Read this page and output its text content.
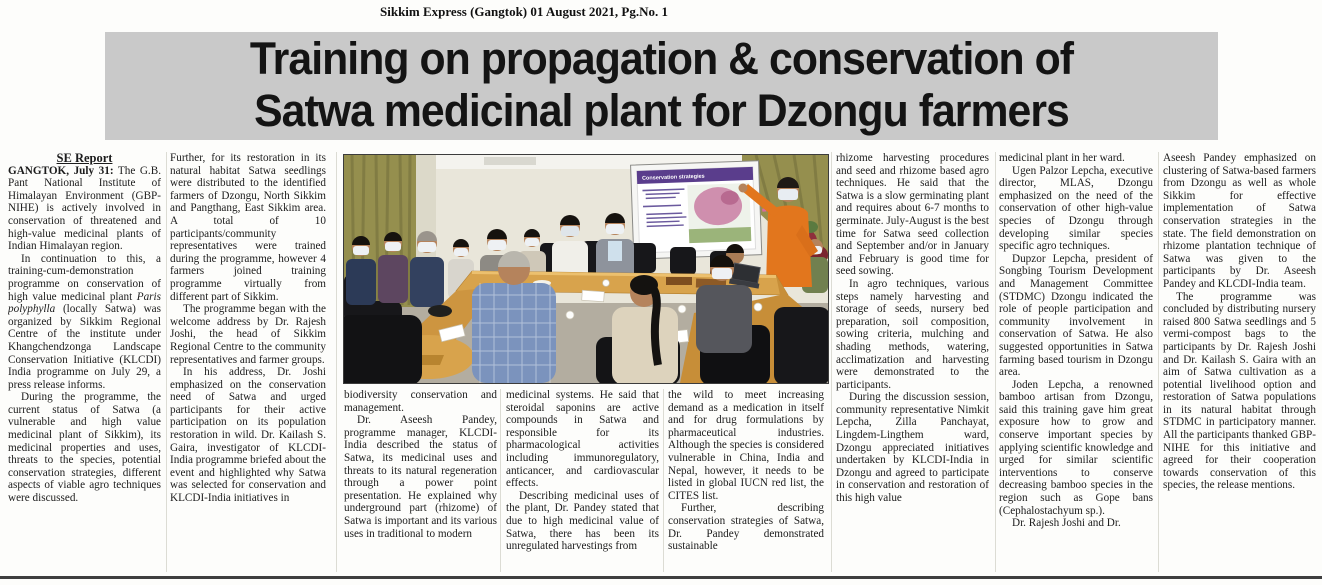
Sikkim Express (Gangtok) 01 August 2021, Pg.No. 1
Training on propagation & conservation of
Satwa medicinal plant for Dzongu farmers

SE Report

GANGTOK, July 31: The G.B. Pant National Institute of Himalayan Environment (GBP-NIHE) is actively involved in conservation of threatened and high-value medicinal plants of Indian Himalayan region.

In continuation to this, a training-cum-demonstration programme on conservation of high value medicinal plant Paris polyphylla (locally Satwa) was organized by Sikkim Regional Centre of the institute under Khangchendzonga Landscape Conservation Initiative (KLCDI) India programme on July 29, a press release informs.

During the programme, the current status of Satwa (a vulnerable and high value medicinal plant of Sikkim), its medicinal properties and uses, threats to the species, potential conservation strategies, different aspects of viable agro techniques were discussed.

Further, for its restoration in its natural habitat Satwa seedlings were distributed to the identified farmers of Dzongu, North Sikkim and Pangthang, East Sikkim area. A total of 10 participants/community representatives were trained during the programme, however 4 farmers joined training programme virtually from different part of Sikkim.

The programme began with the welcome address by Dr. Rajesh Joshi, the head of Sikkim Regional Centre to the community representatives and farmer groups.

In his address, Dr. Joshi emphasized on the conservation need of Satwa and urged participants for their active participation on its population restoration in wild. Dr. Kailash S. Gaira, investigator of KLCDI-India programme briefed about the event and highlighted why Satwa was selected for conservation and KLCDI-India initiatives in

Conservation strategies

biodiversity conservation and management.

Dr. Aseesh Pandey, programme manager, KLCDI-India described the status of Satwa, its medicinal uses and threats to its natural regeneration through a power point presentation. He explained why underground part (rhizome) of Satwa is important and its various uses in traditional to modern

medicinal systems. He said that steroidal saponins are active compounds in Satwa and responsible for its pharmacological activities including immunoregulatory, anticancer, and cardiovascular effects.

Describing medicinal uses of the plant, Dr. Pandey stated that due to high medicinal value of Satwa, there has been its unregulated harvestings from

the wild to meet increasing demand as a medication in itself and for drug formulations by pharmaceutical industries. Although the species is considered vulnerable in China, India and Nepal, however, it needs to be listed in global IUCN red list, the CITES list.

Further, describing conservation strategies of Satwa, Dr. Pandey demonstrated sustainable

rhizome harvesting procedures and seed and rhizome based agro techniques. He said that the Satwa is a slow germinating plant and requires about 6-7 months to germinate. July-August is the best time for Satwa seed collection and September and/or in January and February is good time for seed sowing.

In agro techniques, various steps namely harvesting and storage of seeds, nursery bed preparation, soil composition, sowing criteria, mulching and shading methods, watering, acclimatization and harvesting were demonstrated to the participants.

During the discussion session, community representative Nimkit Lepcha, Zilla Panchayat, Lingdem-Lingthem ward, Dzongu appreciated initiatives undertaken by KLCDI-India in Dzongu and agreed to participate in conservation and restoration of this high value

medicinal plant in her ward.

Ugen Palzor Lepcha, executive director, MLAS, Dzongu emphasized on the need of the conservation of other high-value species of Dzongu through developing similar species specific agro techniques.

Dupzor Lepcha, president of Songbing Tourism Development and Management Committee (STDMC) Dzongu indicated the role of people participation and community involvement in conservation of Satwa. He also suggested opportunities in Satwa farming based tourism in Dzongu area.

Joden Lepcha, a renowned bamboo artisan from Dzongu, said this training gave him great exposure how to grow and conserve important species by applying scientific knowledge and urged for similar scientific interventions to conserve decreasing bamboo species in the region such as Gope bans (Cephalostachyum sp.).

Dr. Rajesh Joshi and Dr.

Aseesh Pandey emphasized on clustering of Satwa-based farmers from Dzongu as well as whole Sikkim for effective implementation of Satwa conservation strategies in the state. The field demonstration on rhizome plantation technique of Satwa was given to the participants by Dr. Aseesh Pandey and KLCDI-India team.

The programme was concluded by distributing nursery raised 800 Satwa seedlings and 5 vermi-compost bags to the participants by Dr. Rajesh Joshi and Dr. Kailash S. Gaira with an aim of Satwa cultivation as a potential livelihood option and restoration of Satwa populations in its natural habitat through STDMC in participatory manner. All the participants thanked GBP-NIHE for this initiative and agreed for their cooperation towards conservation of this species, the release mentions.
